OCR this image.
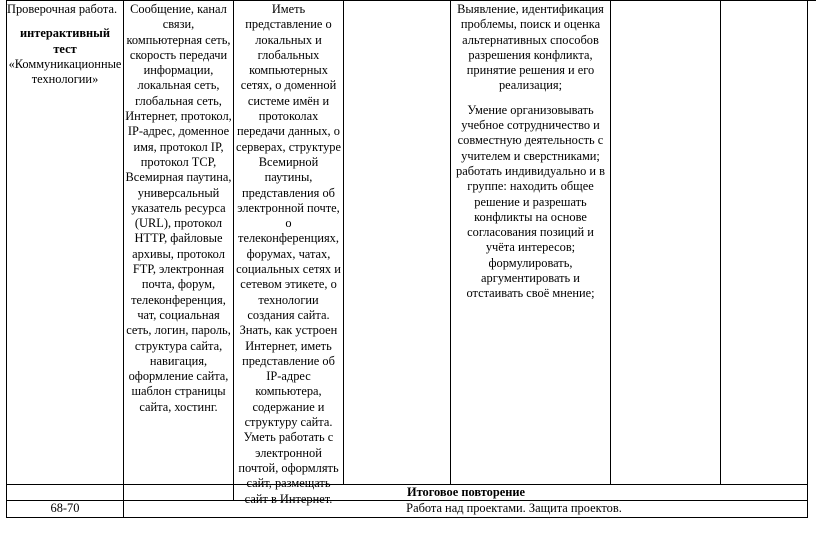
Проверочная работа.
интерактивный тест
«Коммуникационные технологии»
Сообщение, канал связи, компьютерная сеть, скорость передачи информации, локальная сеть, глобальная сеть, Интернет, протокол, IP-адрес, доменное имя, протокол IP, протокол TCP, Всемирная паутина, универсальный указатель ресурса (URL), протокол HTTP, файловые архивы, протокол FTP, электронная почта, форум, телеконференция, чат, социальная сеть, логин, пароль, структура сайта, навигация, оформление сайта, шаблон страницы сайта, хостинг.
Иметь представление о локальных и глобальных компьютерных сетях, о доменной системе имён и протоколах передачи данных, о серверах, структуре Всемирной паутины, представления об электронной почте, о телеконференциях, форумах, чатах, социальных сетях и сетевом этикете, о технологии создания сайта. Знать, как устроен Интернет, иметь представление об IP-адрес компьютера, содержание и структуру сайта. Уметь работать с электронной почтой, оформлять сайт, размещать сайт в Интернет.
Выявление, идентификация проблемы, поиск и оценка альтернативных способов разрешения конфликта, принятие решения и его реализация;
Умение организовывать учебное сотрудничество и совместную деятельность с учителем и сверстниками; работать индивидуально и в группе: находить общее решение и разрешать конфликты на основе согласования позиций и учёта интересов; формулировать, аргументировать и отстаивать своё мнение;
Итоговое повторение
68-70	Работа над проектами. Защита проектов.
